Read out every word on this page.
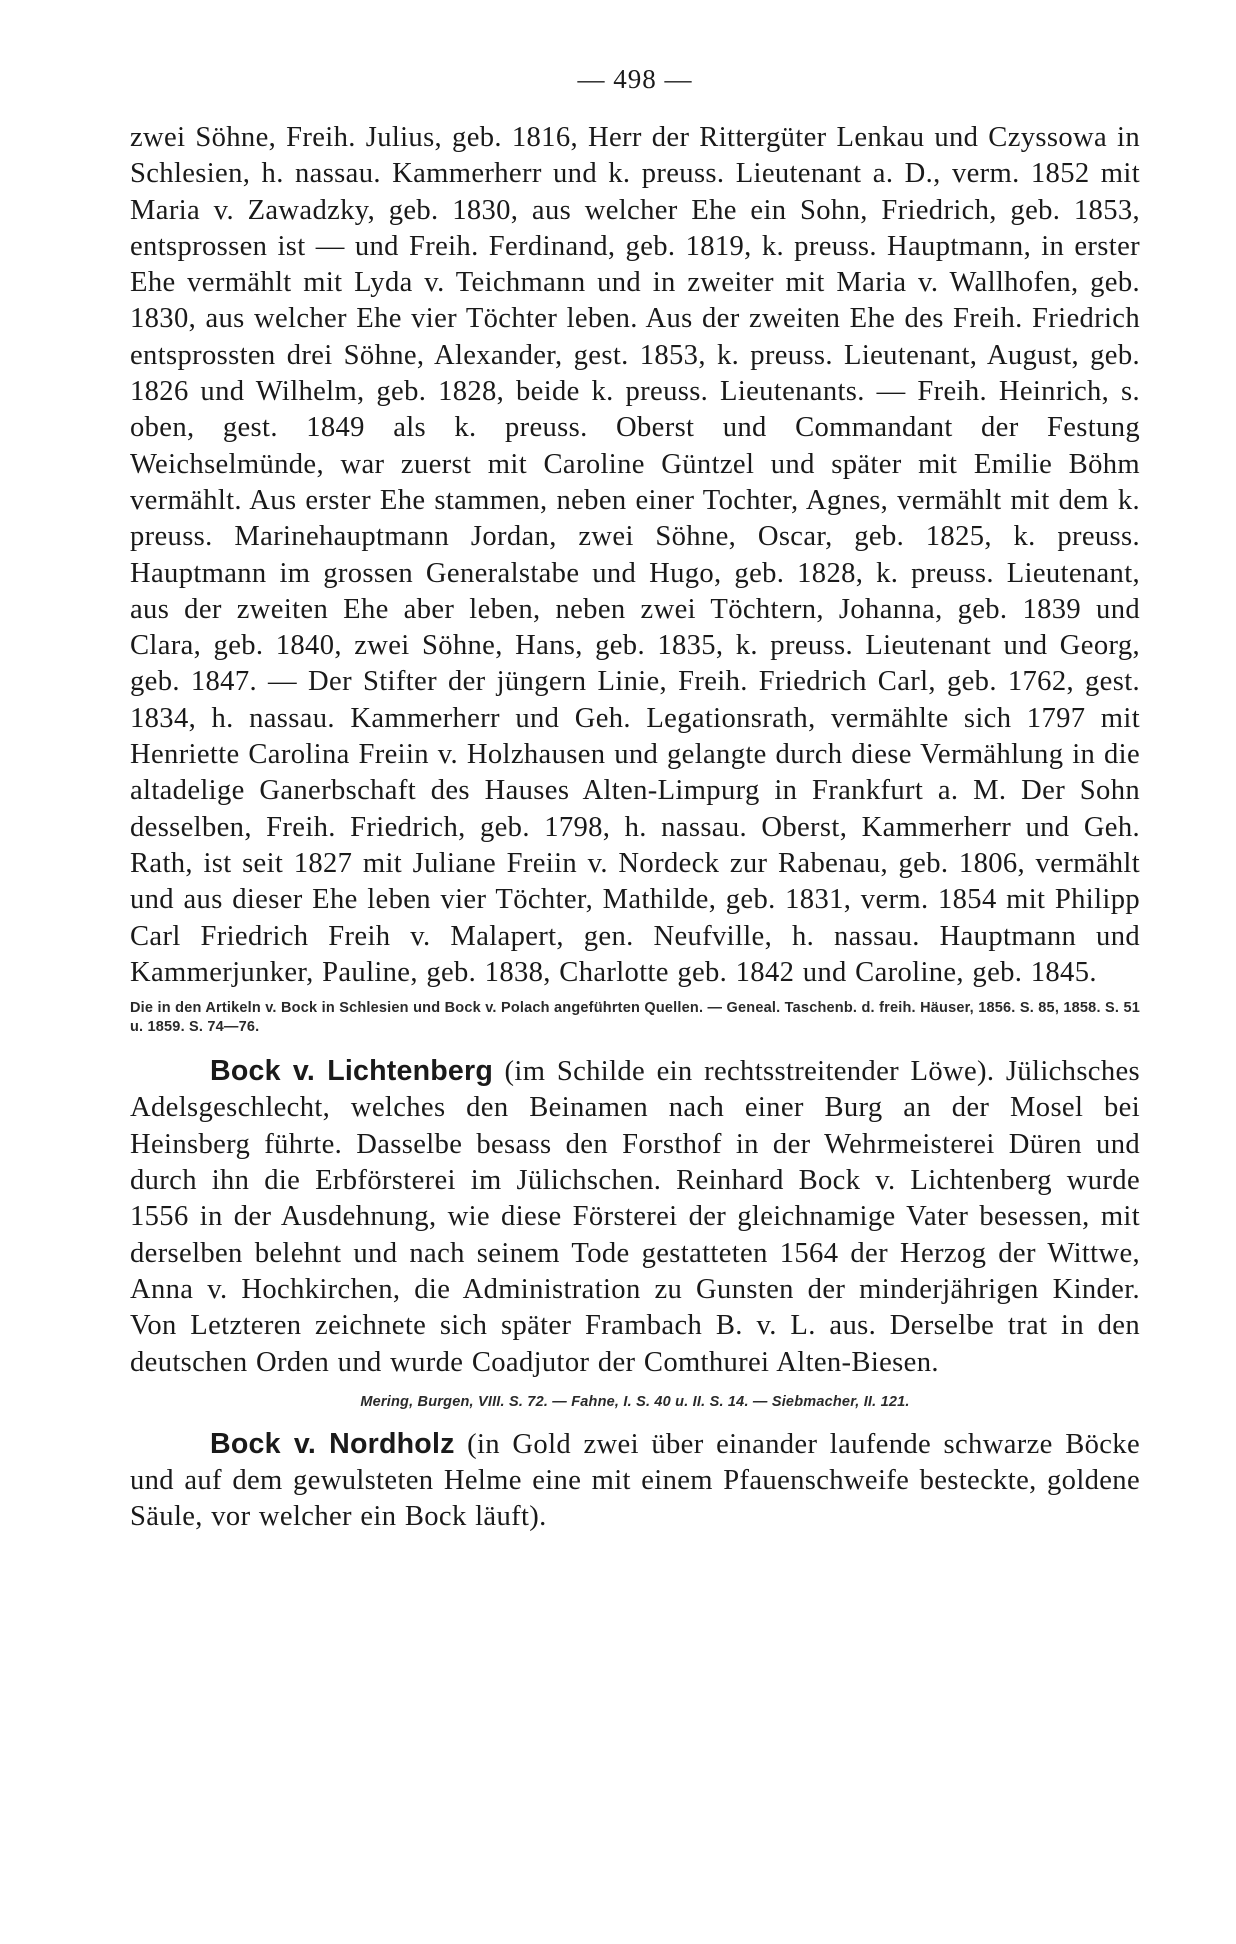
— 498 —

zwei Söhne, Freih. Julius, geb. 1816, Herr der Rittergüter Lenkau und Czyssowa in Schlesien, h. nassau. Kammerherr und k. preuss. Lieutenant a. D., verm. 1852 mit Maria v. Zawadzky, geb. 1830, aus welcher Ehe ein Sohn, Friedrich, geb. 1853, entsprossen ist — und Freih. Ferdinand, geb. 1819, k. preuss. Hauptmann, in erster Ehe vermählt mit Lyda v. Teichmann und in zweiter mit Maria v. Wallhofen, geb. 1830, aus welcher Ehe vier Töchter leben. Aus der zweiten Ehe des Freih. Friedrich entsprossten drei Söhne, Alexander, gest. 1853, k. preuss. Lieutenant, August, geb. 1826 und Wilhelm, geb. 1828, beide k. preuss. Lieutenants. — Freih. Heinrich, s. oben, gest. 1849 als k. preuss. Oberst und Commandant der Festung Weichselmünde, war zuerst mit Caroline Güntzel und später mit Emilie Böhm vermählt. Aus erster Ehe stammen, neben einer Tochter, Agnes, vermählt mit dem k. preuss. Marinehauptmann Jordan, zwei Söhne, Oscar, geb. 1825, k. preuss. Hauptmann im grossen Generalstabe und Hugo, geb. 1828, k. preuss. Lieutenant, aus der zweiten Ehe aber leben, neben zwei Töchtern, Johanna, geb. 1839 und Clara, geb. 1840, zwei Söhne, Hans, geb. 1835, k. preuss. Lieutenant und Georg, geb. 1847. — Der Stifter der jüngern Linie, Freih. Friedrich Carl, geb. 1762, gest. 1834, h. nassau. Kammerherr und Geh. Legationsrath, vermählte sich 1797 mit Henriette Carolina Freiin v. Holzhausen und gelangte durch diese Vermählung in die altadelige Ganerbschaft des Hauses Alten-Limpurg in Frankfurt a. M. Der Sohn desselben, Freih. Friedrich, geb. 1798, h. nassau. Oberst, Kammerherr und Geh. Rath, ist seit 1827 mit Juliane Freiin v. Nordeck zur Rabenau, geb. 1806, vermählt und aus dieser Ehe leben vier Töchter, Mathilde, geb. 1831, verm. 1854 mit Philipp Carl Friedrich Freih v. Malapert, gen. Neufville, h. nassau. Hauptmann und Kammerjunker, Pauline, geb. 1838, Charlotte geb. 1842 und Caroline, geb. 1845.

Die in den Artikeln v. Bock in Schlesien und Bock v. Polach angeführten Quellen. — Geneal. Taschenb. d. freih. Häuser, 1856. S. 85, 1858. S. 51 u. 1859. S. 74—76.

Bock v. Lichtenberg (im Schilde ein rechtsstreitender Löwe). Jülichsches Adelsgeschlecht, welches den Beinamen nach einer Burg an der Mosel bei Heinsberg führte. Dasselbe besass den Forsthof in der Wehrmeisterei Düren und durch ihn die Erbförsterei im Jülichschen. Reinhard Bock v. Lichtenberg wurde 1556 in der Ausdehnung, wie diese Försterei der gleichnamige Vater besessen, mit derselben belehnt und nach seinem Tode gestatteten 1564 der Herzog der Wittwe, Anna v. Hochkirchen, die Administration zu Gunsten der minderjährigen Kinder. Von Letzteren zeichnete sich später Frambach B. v. L. aus. Derselbe trat in den deutschen Orden und wurde Coadjutor der Comthurei Alten-Biesen.

Mering, Burgen, VIII. S. 72. — Fahne, I. S. 40 u. II. S. 14. — Siebmacher, II. 121.

Bock v. Nordholz (in Gold zwei über einander laufende schwarze Böcke und auf dem gewulsteten Helme eine mit einem Pfauenschweife besteckte, goldene Säule, vor welcher ein Bock läuft).
